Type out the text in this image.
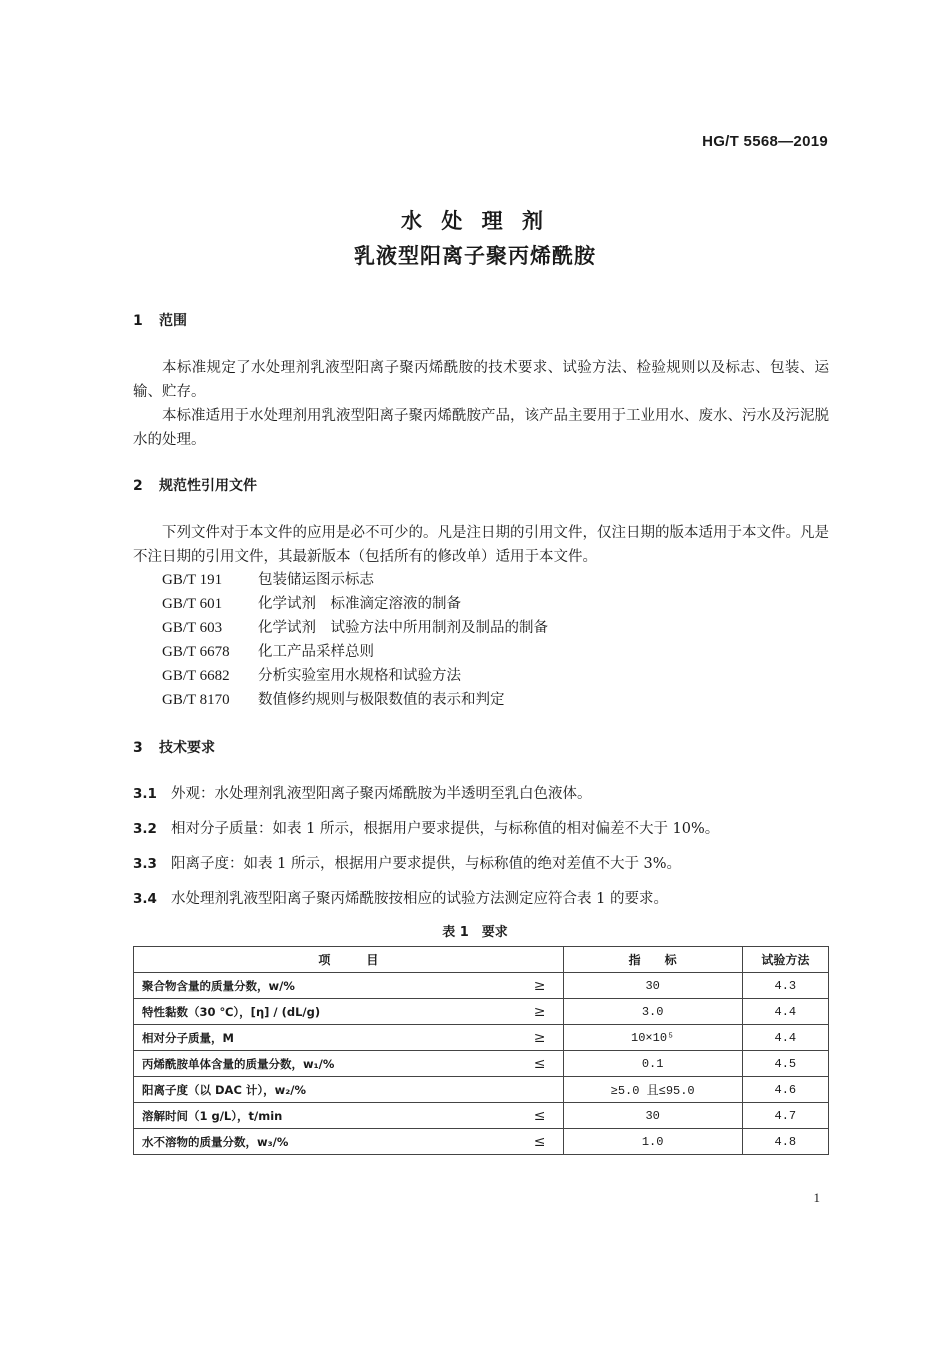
HG/T 5568—2019
水 处 理 剂
乳液型阳离子聚丙烯酰胺
1 范围

本标准规定了水处理剂乳液型阳离子聚丙烯酰胺的技术要求、试验方法、检验规则以及标志、包装、运输、贮存。

本标准适用于水处理剂用乳液型阳离子聚丙烯酰胺产品，该产品主要用于工业用水、废水、污水及污泥脱水的处理。

2 规范性引用文件

下列文件对于本文件的应用是必不可少的。凡是注日期的引用文件，仅注日期的版本适用于本文件。凡是不注日期的引用文件，其最新版本（包括所有的修改单）适用于本文件。

GB/T 191 包装储运图示标志
GB/T 601 化学试剂　标准滴定溶液的制备
GB/T 603 化学试剂　试验方法中所用制剂及制品的制备
GB/T 6678 化工产品采样总则
GB/T 6682 分析实验室用水规格和试验方法
GB/T 8170 数值修约规则与极限数值的表示和判定
3 技术要求
3.1 外观：水处理剂乳液型阳离子聚丙烯酰胺为半透明至乳白色液体。
3.2 相对分子质量：如表 1 所示，根据用户要求提供，与标称值的相对偏差不大于 10%。
3.3 阳离子度：如表 1 所示，根据用户要求提供，与标称值的绝对差值不大于 3%。
3.4 水处理剂乳液型阳离子聚丙烯酰胺按相应的试验方法测定应符合表 1 的要求。
表 1　要求
项　　　目		指　　标	试验方法
聚合物含量的质量分数，w/%	≥	30	4.3
特性黏数（30 ℃），[η] / (dL/g)	≥	3.0	4.4
相对分子质量，M	≥	10×10⁵	4.4
丙烯酰胺单体含量的质量分数，w₁/%	≤	0.1	4.5
阳离子度（以 DAC 计），w₂/%		≥5.0 且≤95.0	4.6
溶解时间（1 g/L），t/min	≤	30	4.7
水不溶物的质量分数，w₃/%	≤	1.0	4.8
1
